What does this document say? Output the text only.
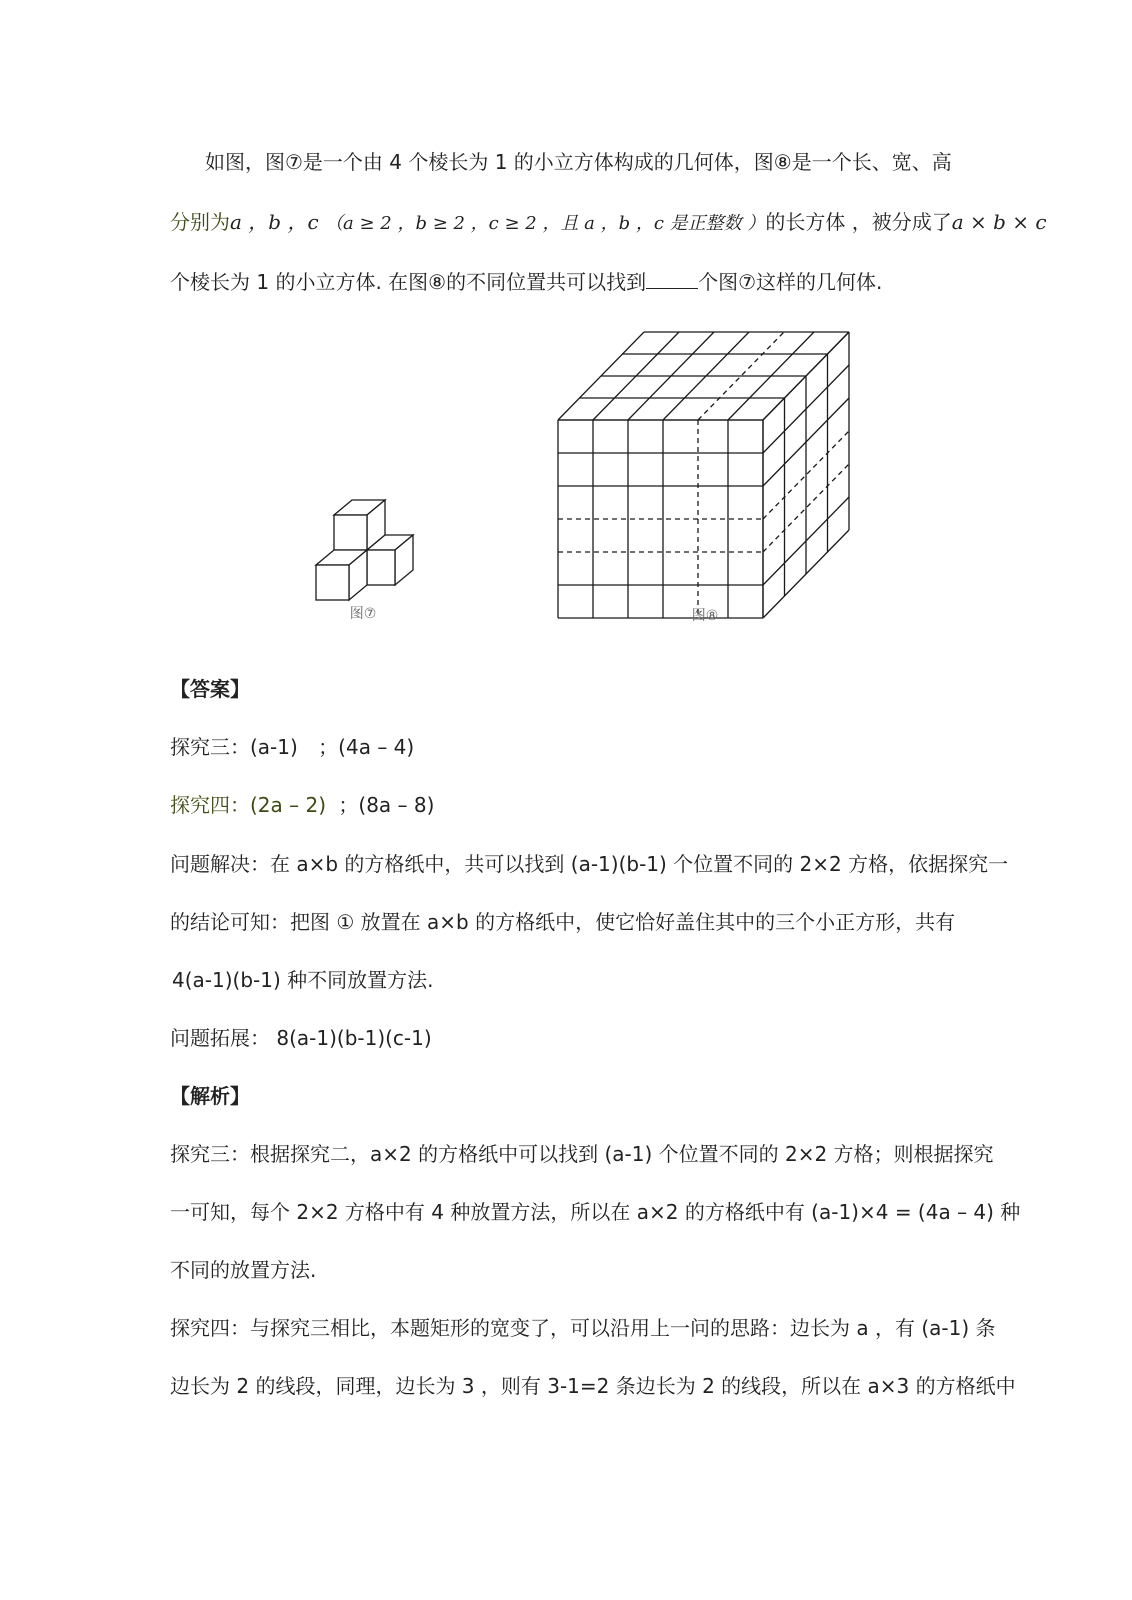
如图，图⑦是一个由 4 个棱长为 1 的小立方体构成的几何体，图⑧是一个长、宽、高
分别为a ，b ，c （a ≥ 2 ，b ≥ 2 ，c ≥ 2 ，且 a ，b ，c 是正整数 ）的长方体 ，被分成了a × b × c
个棱长为 1 的小立方体. 在图⑧的不同位置共可以找到	个图⑦这样的几何体.
图⑦	图⑧
【答案】
探究三：(a-1) ；(4a – 4)
探究四：(2a – 2) ；(8a – 8)
问题解决：在 a×b 的方格纸中，共可以找到 (a-1)(b-1) 个位置不同的 2×2 方格，依据探究一
的结论可知：把图 ① 放置在 a×b 的方格纸中，使它恰好盖住其中的三个小正方形，共有
4(a-1)(b-1) 种不同放置方法.
问题拓展： 8(a-1)(b-1)(c-1)
【解析】
探究三：根据探究二，a×2 的方格纸中可以找到 (a-1) 个位置不同的 2×2 方格；则根据探究
一可知，每个 2×2 方格中有 4 种放置方法，所以在 a×2 的方格纸中有 (a-1)×4 = (4a – 4) 种
不同的放置方法.
探究四：与探究三相比，本题矩形的宽变了，可以沿用上一问的思路：边长为 a ，有 (a-1) 条
边长为 2 的线段，同理，边长为 3 ，则有 3-1=2 条边长为 2 的线段，所以在 a×3 的方格纸中
